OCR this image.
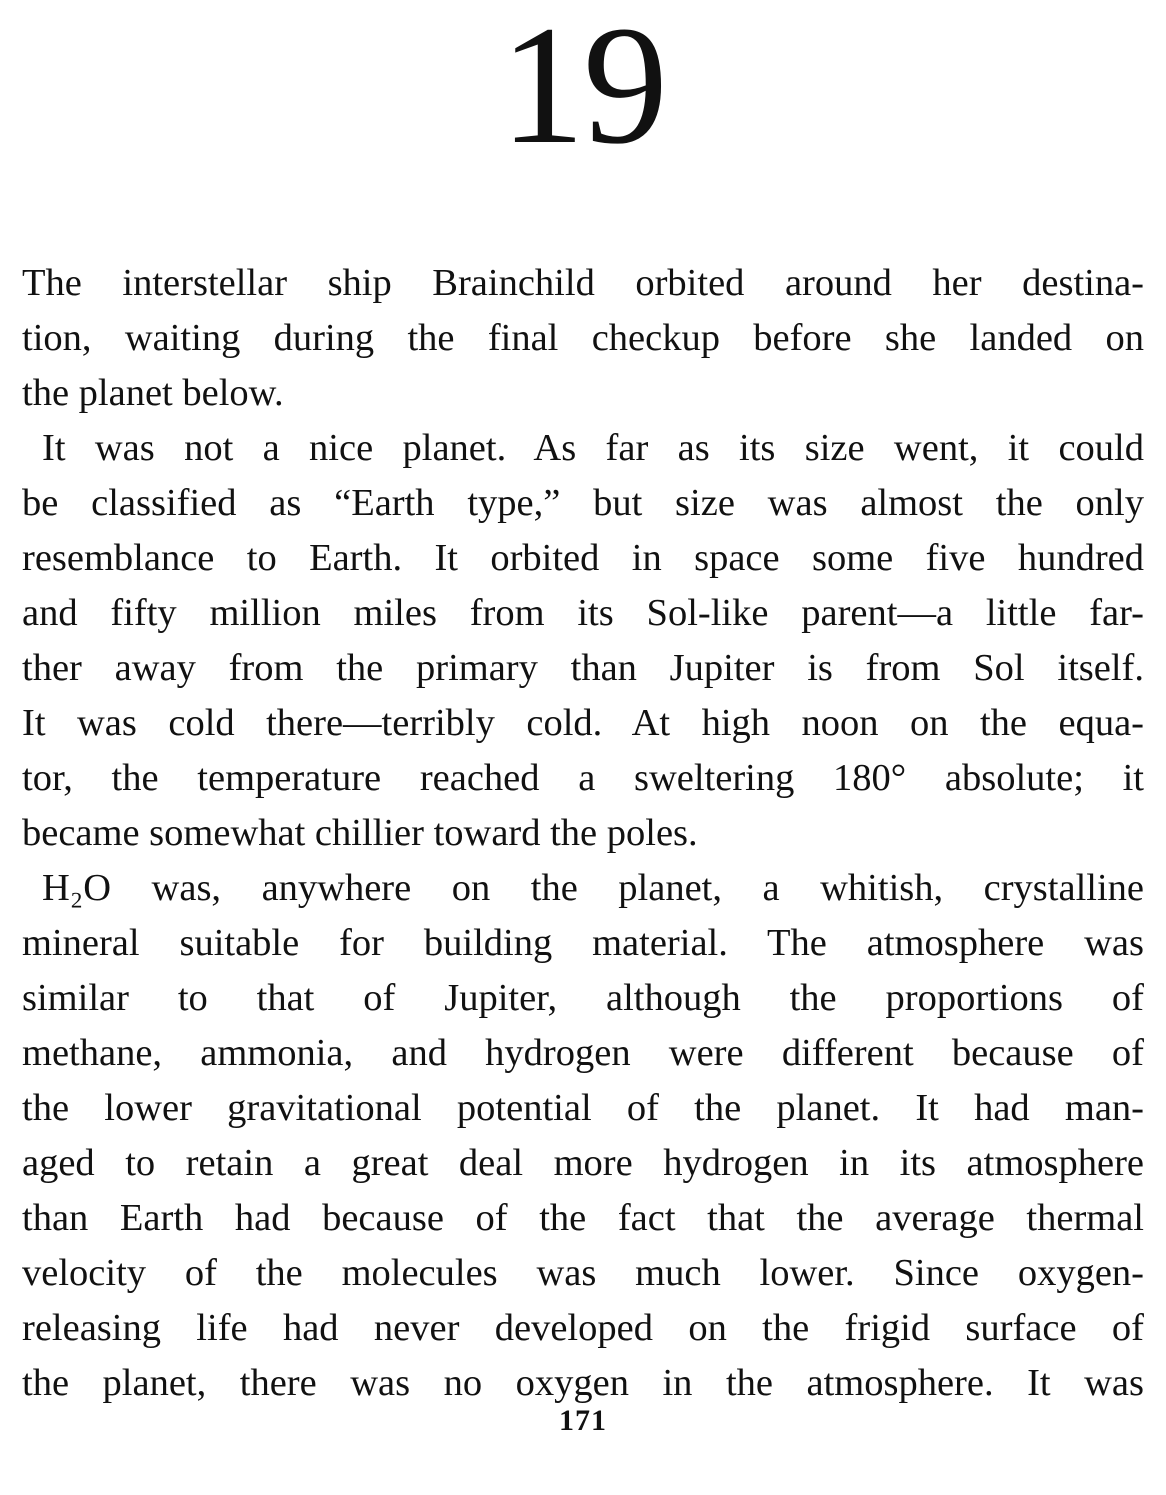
19
The interstellar ship Brainchild orbited around her destina-
tion, waiting during the final checkup before she landed on
the planet below.
It was not a nice planet. As far as its size went, it could
be classified as “Earth type,” but size was almost the only
resemblance to Earth. It orbited in space some five hundred
and fifty million miles from its Sol-like parent—a little far-
ther away from the primary than Jupiter is from Sol itself.
It was cold there—terribly cold. At high noon on the equa-
tor, the temperature reached a sweltering 180° absolute; it
became somewhat chillier toward the poles.
H₂O was, anywhere on the planet, a whitish, crystalline
mineral suitable for building material. The atmosphere was
similar to that of Jupiter, although the proportions of
methane, ammonia, and hydrogen were different because of
the lower gravitational potential of the planet. It had man-
aged to retain a great deal more hydrogen in its atmosphere
than Earth had because of the fact that the average thermal
velocity of the molecules was much lower. Since oxygen-
releasing life had never developed on the frigid surface of
the planet, there was no oxygen in the atmosphere. It was
171
